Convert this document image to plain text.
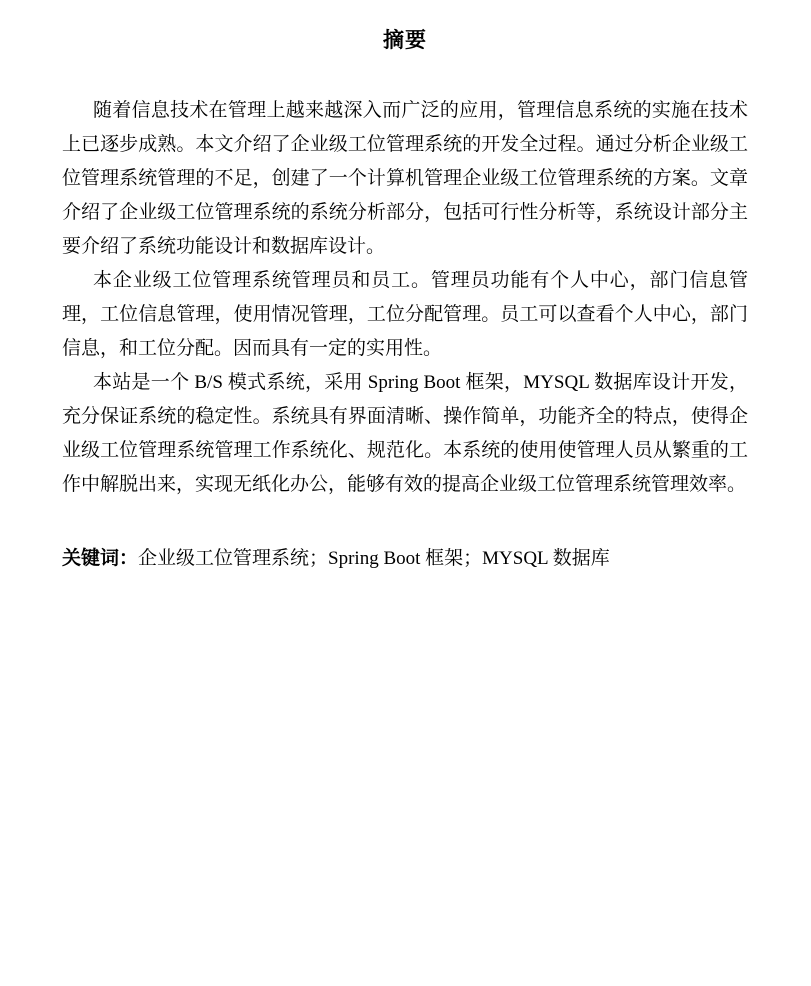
摘要

随着信息技术在管理上越来越深入而广泛的应用，管理信息系统的实施在技术上已逐步成熟。本文介绍了企业级工位管理系统的开发全过程。通过分析企业级工位管理系统管理的不足，创建了一个计算机管理企业级工位管理系统的方案。文章介绍了企业级工位管理系统的系统分析部分，包括可行性分析等，系统设计部分主要介绍了系统功能设计和数据库设计。

本企业级工位管理系统管理员和员工。管理员功能有个人中心，部门信息管理，工位信息管理，使用情况管理，工位分配管理。员工可以查看个人中心，部门信息，和工位分配。因而具有一定的实用性。

本站是一个 B/S 模式系统，采用 Spring Boot 框架，MYSQL 数据库设计开发，充分保证系统的稳定性。系统具有界面清晰、操作简单，功能齐全的特点，使得企业级工位管理系统管理工作系统化、规范化。本系统的使用使管理人员从繁重的工作中解脱出来，实现无纸化办公，能够有效的提高企业级工位管理系统管理效率。

关键词：企业级工位管理系统；Spring Boot 框架；MYSQL 数据库
